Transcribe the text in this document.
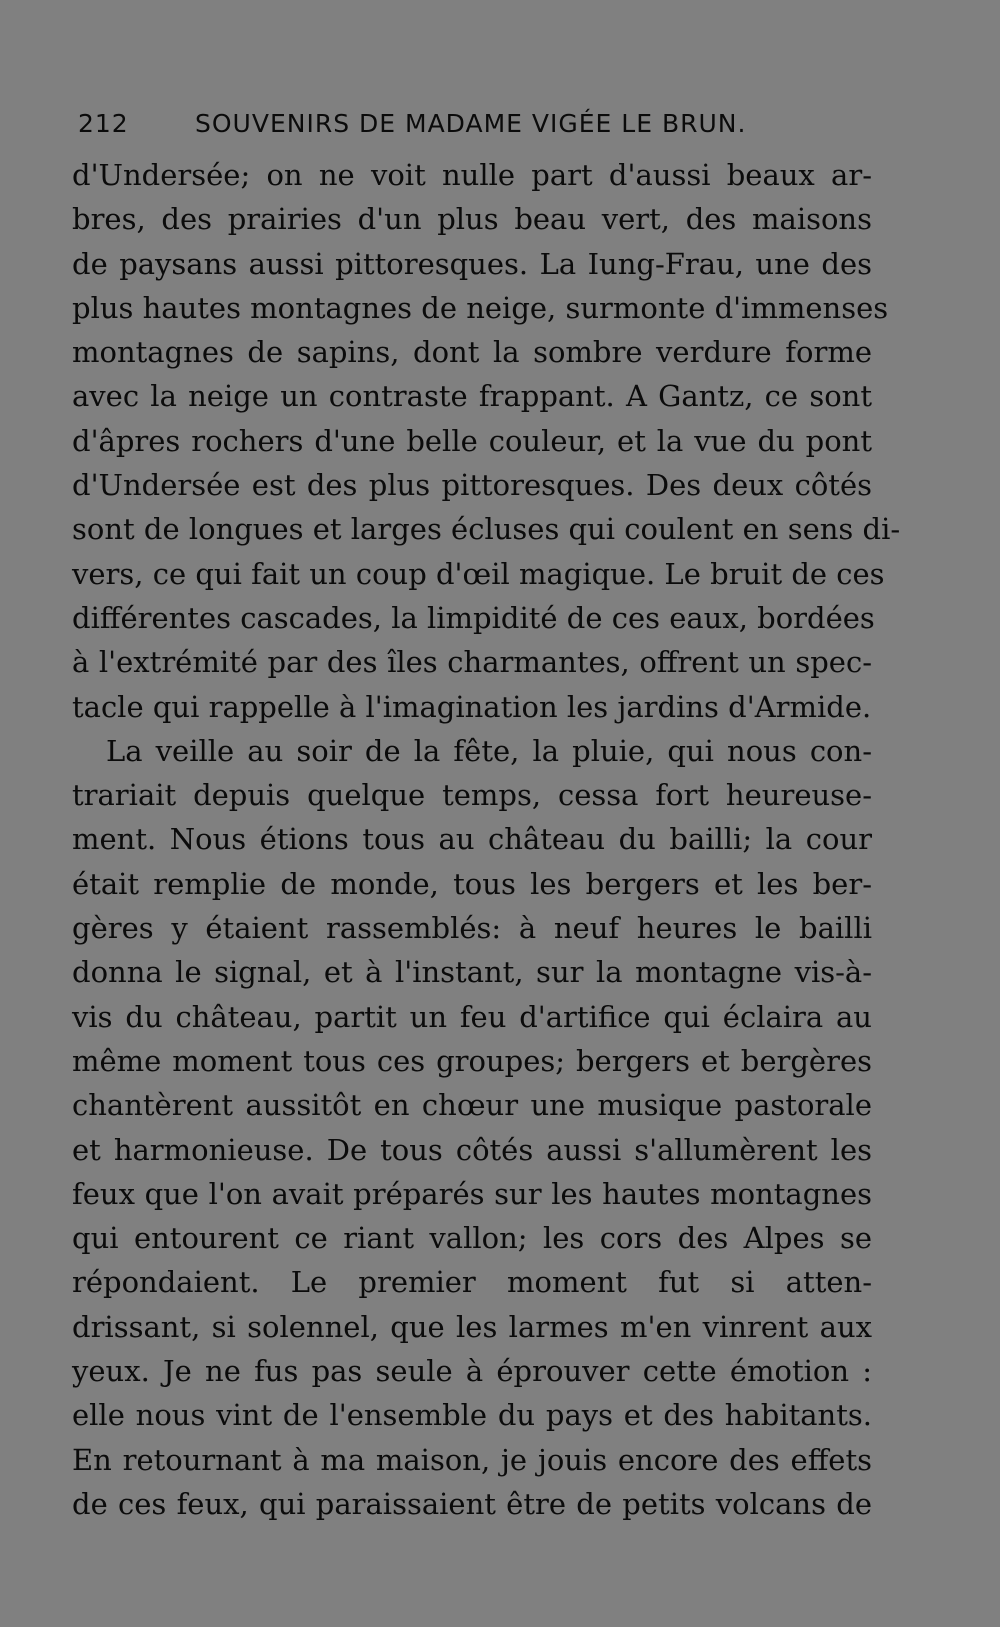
212	SOUVENIRS DE MADAME VIGÉE LE BRUN.
d'Undersée; on ne voit nulle part d'aussi beaux ar-
bres, des prairies d'un plus beau vert, des maisons
de paysans aussi pittoresques. La Iung-Frau, une des
plus hautes montagnes de neige, surmonte d'immenses
montagnes de sapins, dont la sombre verdure forme
avec la neige un contraste frappant. A Gantz, ce sont
d'âpres rochers d'une belle couleur, et la vue du pont
d'Undersée est des plus pittoresques. Des deux côtés
sont de longues et larges écluses qui coulent en sens di-
vers, ce qui fait un coup d'œil magique. Le bruit de ces
différentes cascades, la limpidité de ces eaux, bordées
à l'extrémité par des îles charmantes, offrent un spec-
tacle qui rappelle à l'imagination les jardins d'Armide.
La veille au soir de la fête, la pluie, qui nous con-
trariait depuis quelque temps, cessa fort heureuse-
ment. Nous étions tous au château du bailli; la cour
était remplie de monde, tous les bergers et les ber-
gères y étaient rassemblés: à neuf heures le bailli
donna le signal, et à l'instant, sur la montagne vis-à-
vis du château, partit un feu d'artifice qui éclaira au
même moment tous ces groupes; bergers et bergères
chantèrent aussitôt en chœur une musique pastorale
et harmonieuse. De tous côtés aussi s'allumèrent les
feux que l'on avait préparés sur les hautes montagnes
qui entourent ce riant vallon; les cors des Alpes se
répondaient. Le premier moment fut si atten-
drissant, si solennel, que les larmes m'en vinrent aux
yeux. Je ne fus pas seule à éprouver cette émotion :
elle nous vint de l'ensemble du pays et des habitants.
En retournant à ma maison, je jouis encore des effets
de ces feux, qui paraissaient être de petits volcans de
